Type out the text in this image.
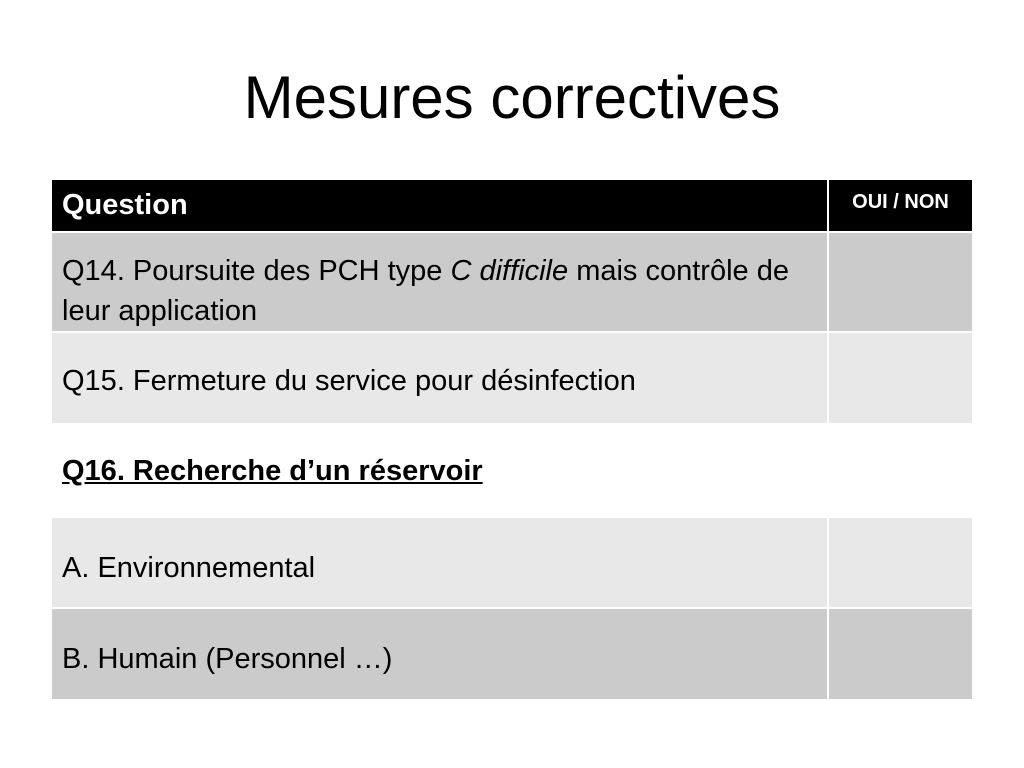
Mesures correctives
Question	OUI / NON
Q14. Poursuite des PCH type C difficile mais contrôle de leur application	
Q15. Fermeture du service pour désinfection	
Q16. Recherche d’un réservoir	
A. Environnemental	
B. Humain (Personnel …)	
